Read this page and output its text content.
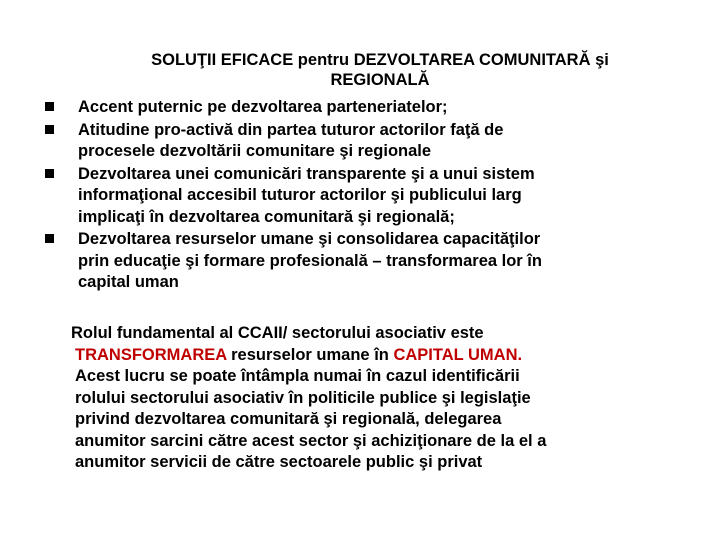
SOLUŢII EFICACE pentru DEZVOLTAREA COMUNITARĂ şi
REGIONALĂ
Accent puternic pe dezvoltarea parteneriatelor;
Atitudine pro-activă din partea tuturor actorilor faţă de
procesele dezvoltării comunitare şi regionale
Dezvoltarea unei comunicări transparente şi a unui sistem
informaţional accesibil tuturor actorilor şi publicului larg
implicaţi în dezvoltarea comunitară şi regională;
Dezvoltarea resurselor umane şi consolidarea capacităţilor
prin educaţie şi formare profesională – transformarea lor în
capital uman
Rolul fundamental al CCAII/ sectorului asociativ este
TRANSFORMAREA resurselor umane în CAPITAL UMAN.
Acest lucru se poate întâmpla numai în cazul identificării
rolului sectorului asociativ în politicile publice şi legislaţie
privind dezvoltarea comunitară şi regională, delegarea
anumitor sarcini către acest sector şi achiziţionare de la el a
anumitor servicii de către sectoarele public şi privat
